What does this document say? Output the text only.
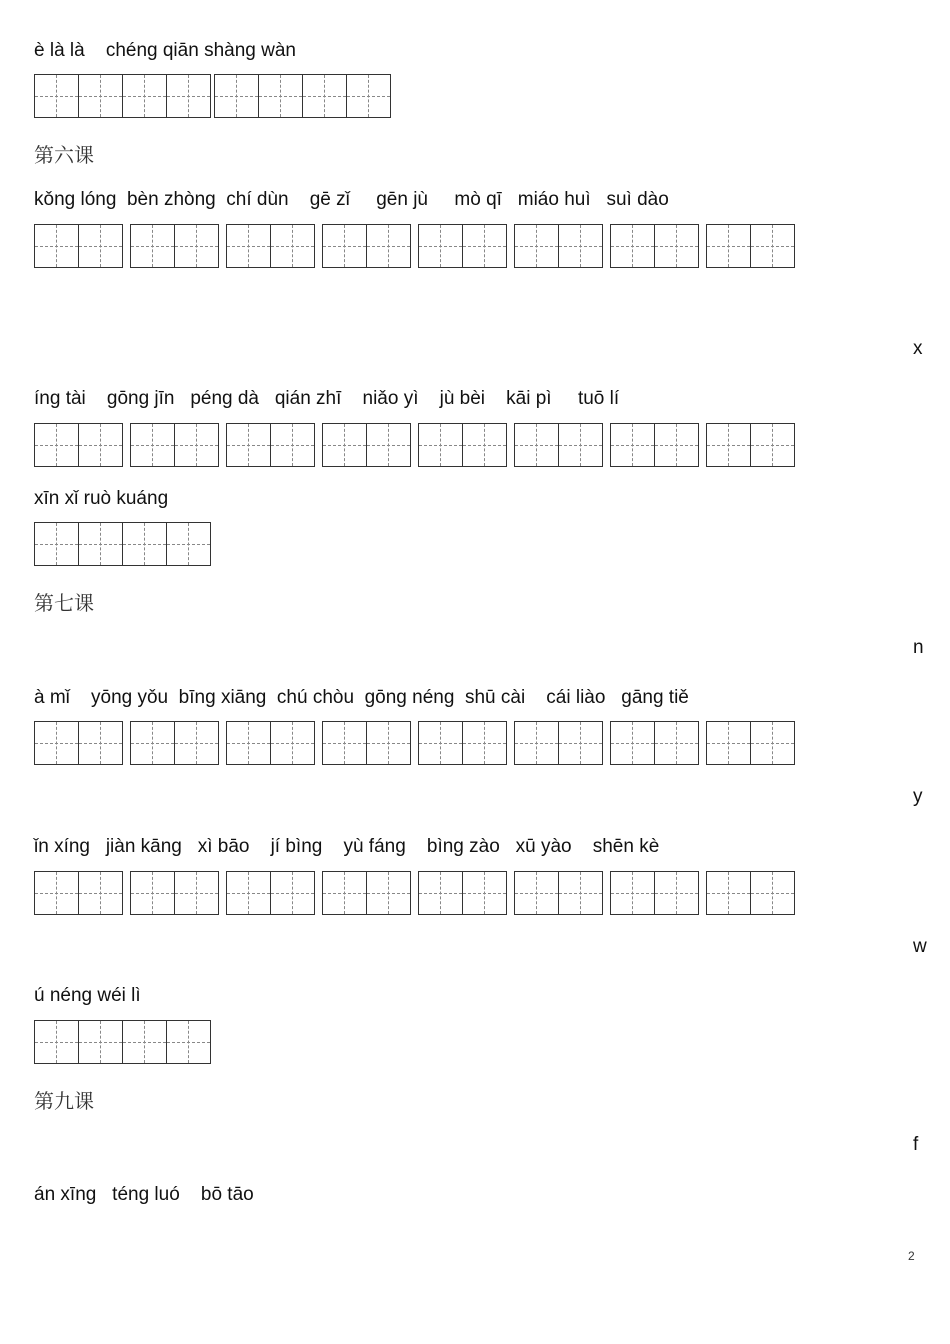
è là là    chéng qiān shàng wàn
第六课
kǒng lóng  bèn zhòng  chí dùn    gē zǐ     gēn jù     mò qī   miáo huì   suì dào
x
íng tài    gōng jīn   péng dà   qián zhī    niǎo yì    jù bèi    kāi pì     tuō lí
xīn xǐ ruò kuáng
第七课
n
à mǐ    yōng yǒu  bīng xiāng  chú chòu  gōng néng  shū cài    cái liào   gāng tiě
y
ǐn xíng   jiàn kāng   xì bāo    jí bìng    yù fáng    bìng zào   xū yào    shēn kè
w
ú néng wéi lì
第九课
f
án xīng   téng luó    bō tāo
2
